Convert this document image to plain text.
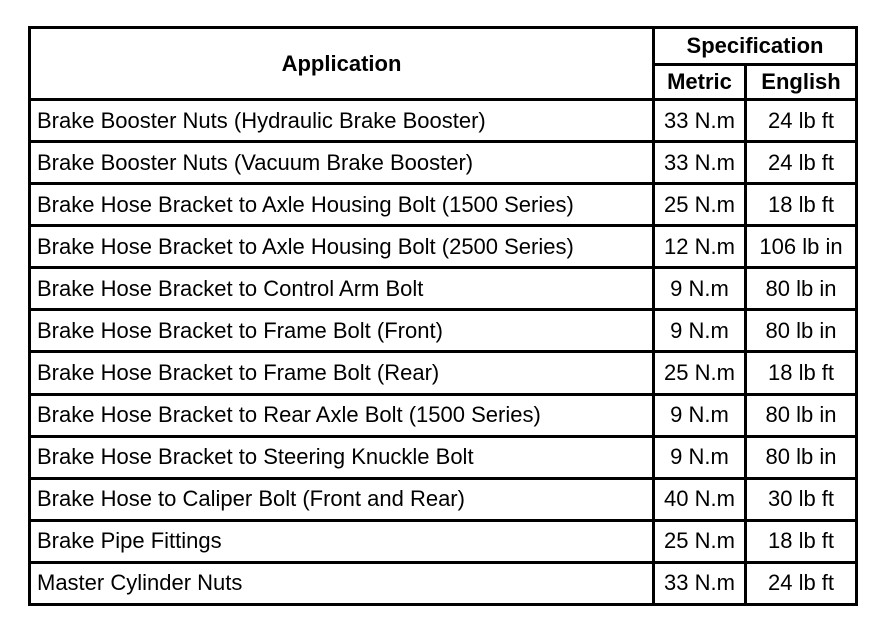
Application	Specification	
	Metric	English
Brake Booster Nuts (Hydraulic Brake Booster)	33 N.m	24 lb ft
Brake Booster Nuts (Vacuum Brake Booster)	33 N.m	24 lb ft
Brake Hose Bracket to Axle Housing Bolt (1500 Series)	25 N.m	18 lb ft
Brake Hose Bracket to Axle Housing Bolt (2500 Series)	12 N.m	106 lb in
Brake Hose Bracket to Control Arm Bolt	9 N.m	80 lb in
Brake Hose Bracket to Frame Bolt (Front)	9 N.m	80 lb in
Brake Hose Bracket to Frame Bolt (Rear)	25 N.m	18 lb ft
Brake Hose Bracket to Rear Axle Bolt (1500 Series)	9 N.m	80 lb in
Brake Hose Bracket to Steering Knuckle Bolt	9 N.m	80 lb in
Brake Hose to Caliper Bolt (Front and Rear)	40 N.m	30 lb ft
Brake Pipe Fittings	25 N.m	18 lb ft
Master Cylinder Nuts	33 N.m	24 lb ft
